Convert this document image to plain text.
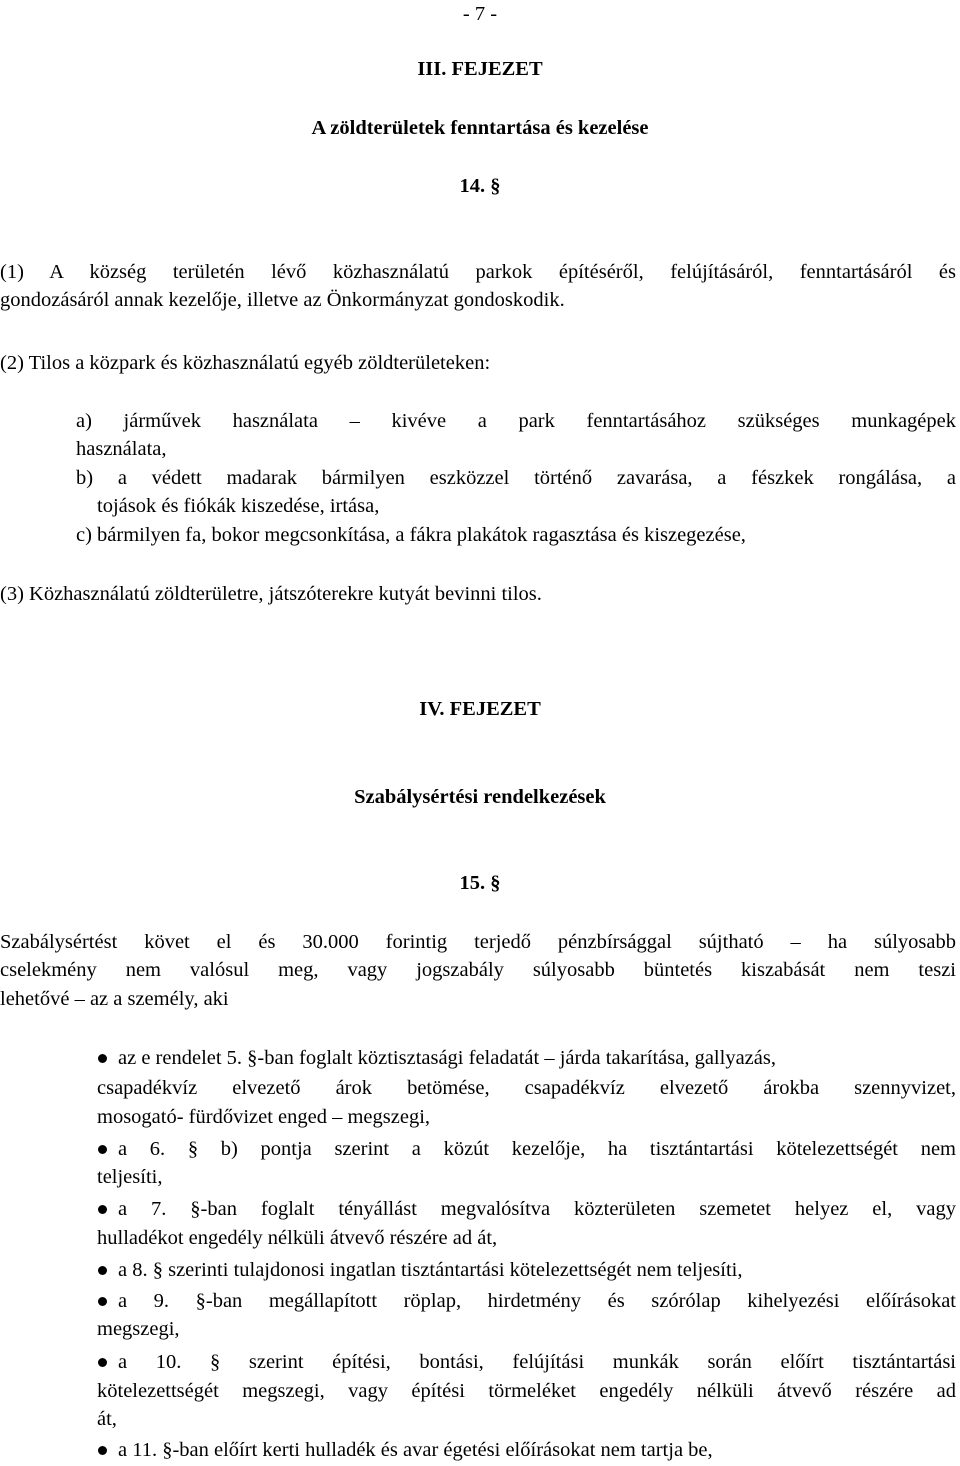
- 7 -
III. FEJEZET
A zöldterületek fenntartása és kezelése
14. §
(1) A község területén lévő közhasználatú parkok építéséről, felújításáról, fenntartásáról és
gondozásáról annak kezelője, illetve az Önkormányzat gondoskodik.
(2) Tilos a közpark és közhasználatú egyéb zöldterületeken:
a) járművek használata – kivéve a park fenntartásához szükséges munkagépek
használata,
b) a védett madarak bármilyen eszközzel történő zavarása, a fészkek rongálása, a
tojások és fiókák kiszedése, irtása,
c) bármilyen fa, bokor megcsonkítása, a fákra plakátok ragasztása és kiszegezése,
(3) Közhasználatú zöldterületre, játszóterekre kutyát bevinni tilos.
IV. FEJEZET
Szabálysértési rendelkezések
15. §
Szabálysértést követ el és 30.000 forintig terjedő pénzbírsággal sújtható – ha súlyosabb
cselekmény nem valósul meg, vagy jogszabály súlyosabb büntetés kiszabását nem teszi
lehetővé – az a személy, aki
az e rendelet 5. §-ban foglalt köztisztasági feladatát – járda takarítása, gallyazás,
csapadékvíz elvezető árok betömése, csapadékvíz elvezető árokba szennyvizet,
mosogató- fürdővizet enged – megszegi,
a 6. § b) pontja szerint a közút kezelője, ha tisztántartási kötelezettségét nem
teljesíti,
a 7. §-ban foglalt tényállást megvalósítva közterületen szemetet helyez el, vagy
hulladékot engedély nélküli átvevő részére ad át,
a 8. § szerinti tulajdonosi ingatlan tisztántartási kötelezettségét nem teljesíti,
a 9. §-ban megállapított röplap, hirdetmény és szórólap kihelyezési előírásokat
megszegi,
a 10. § szerint építési, bontási, felújítási munkák során előírt tisztántartási
kötelezettségét megszegi, vagy építési törmeléket engedély nélküli átvevő részére ad
át,
a 11. §-ban előírt kerti hulladék és avar égetési előírásokat nem tartja be,
